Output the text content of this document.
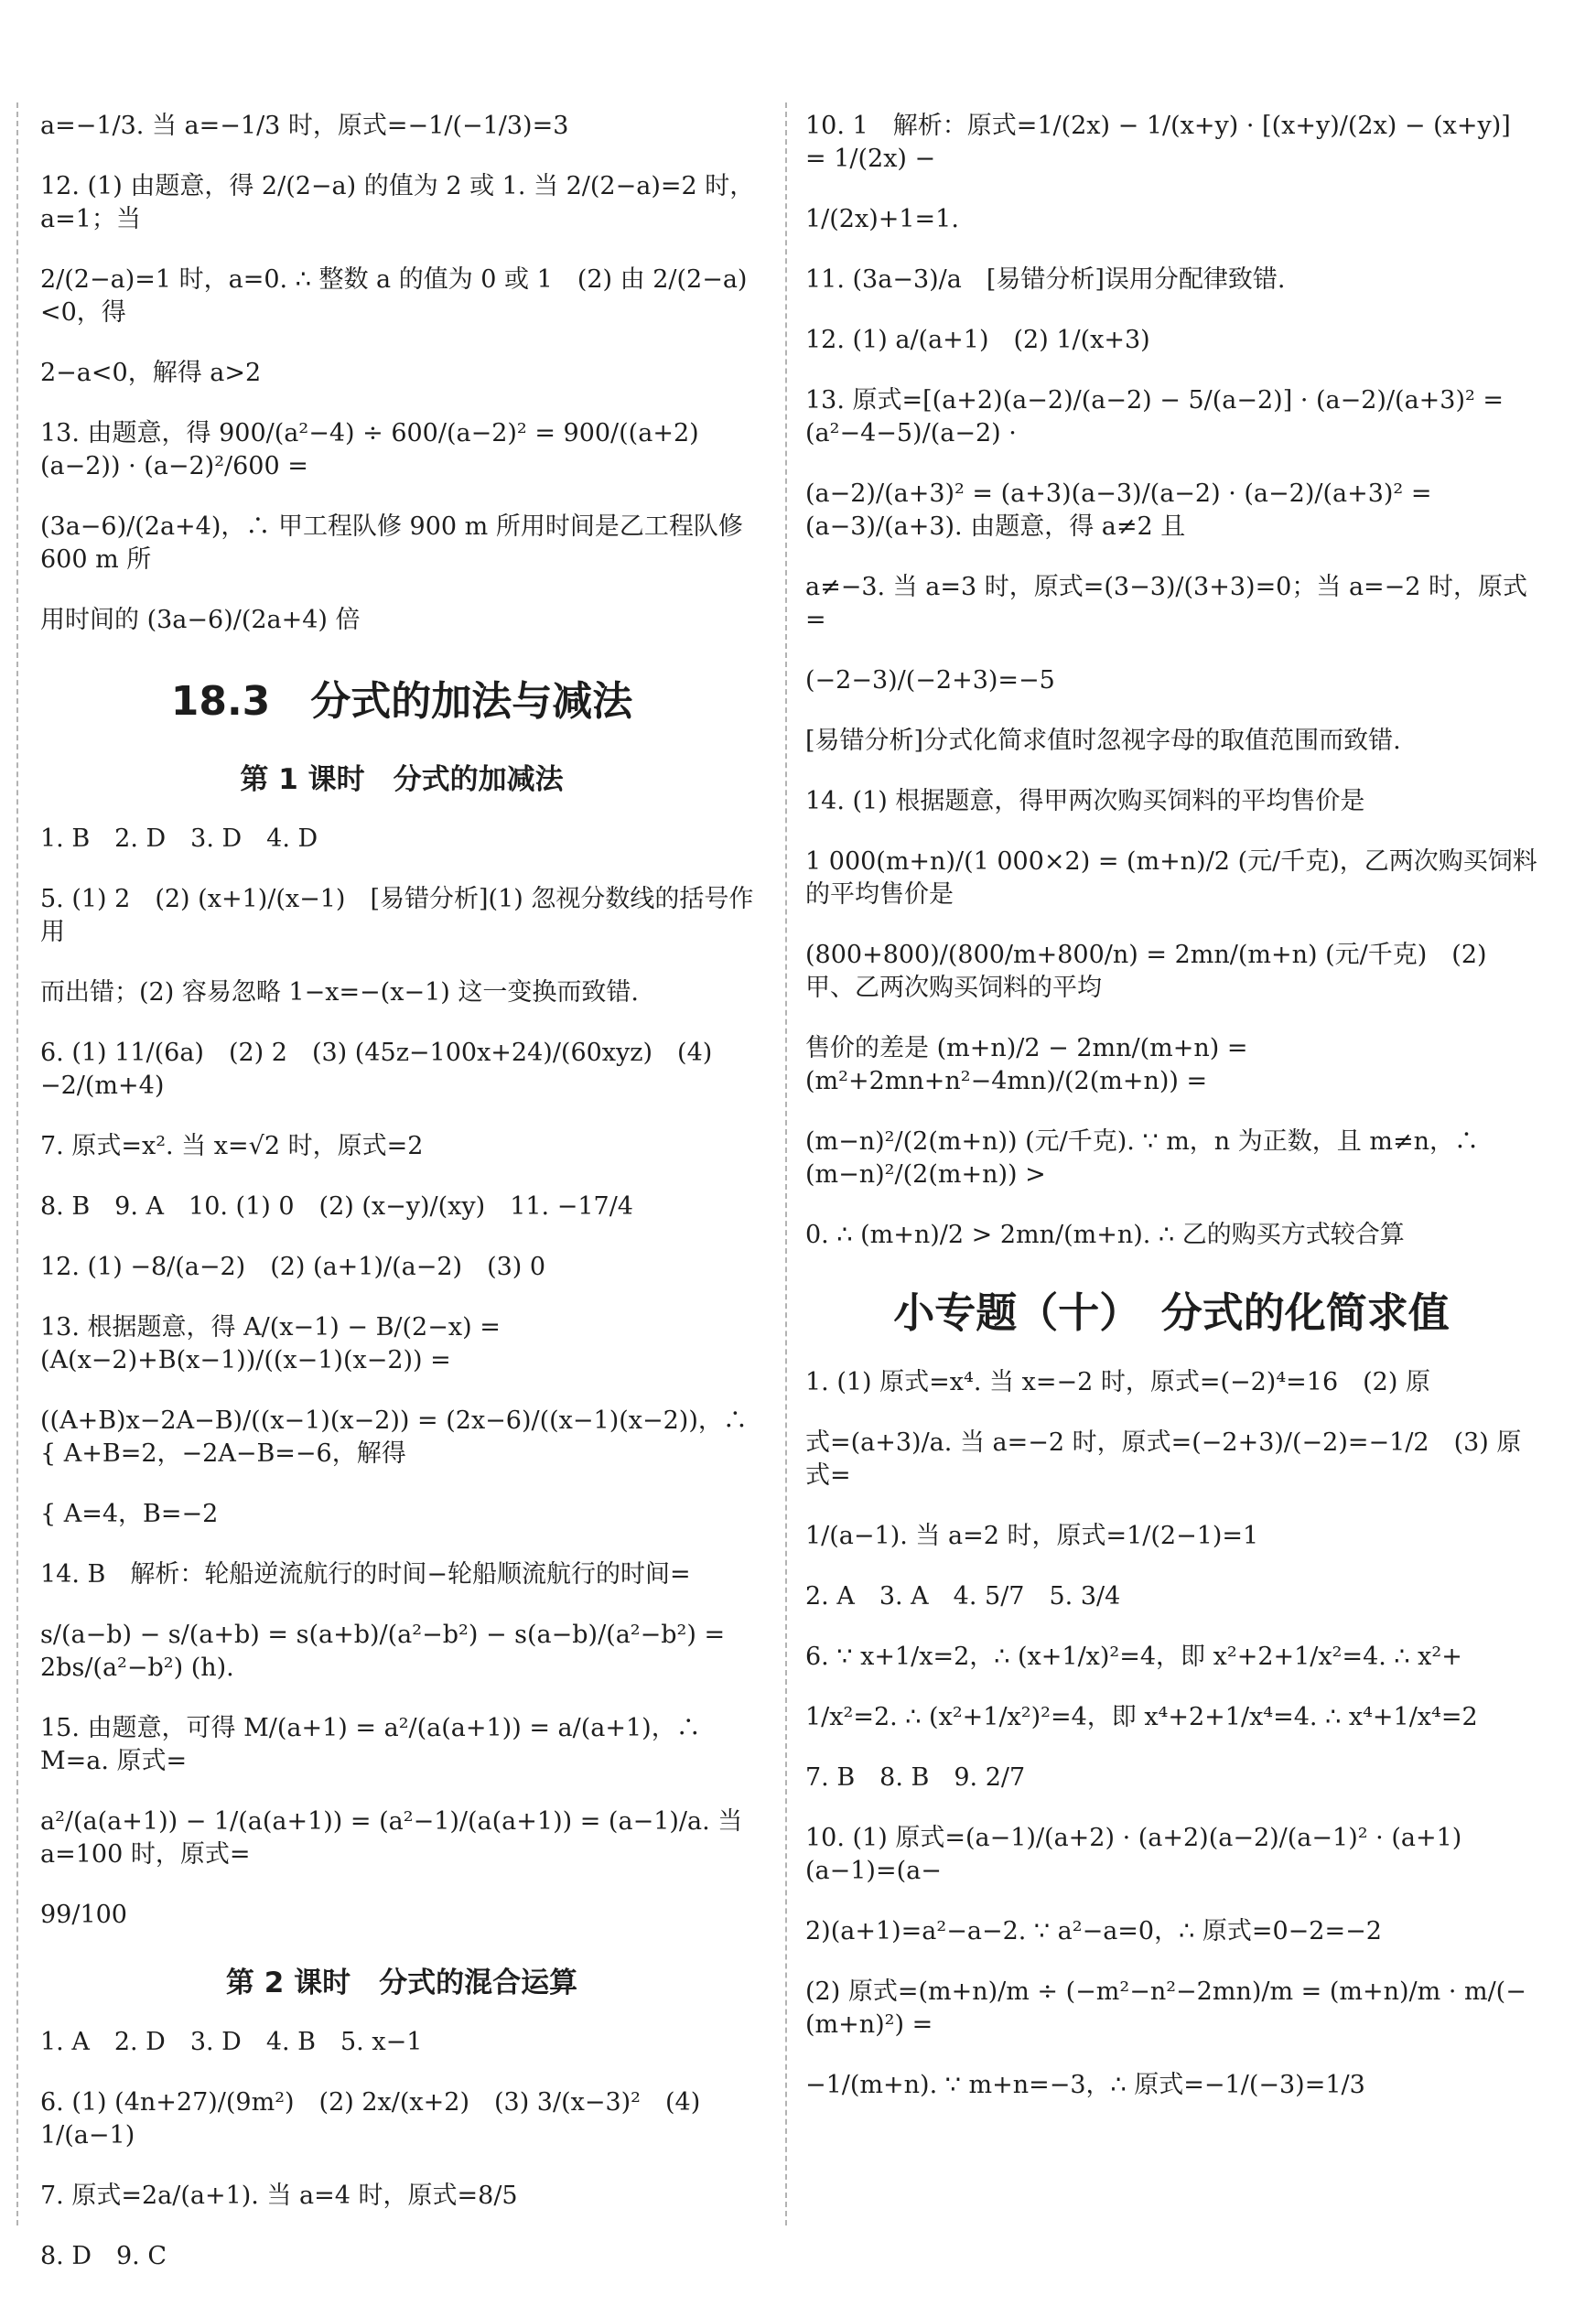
a=−1/3. 当 a=−1/3 时，原式=−1/(−1/3)=3
12. (1) 由题意，得 2/(2−a) 的值为 2 或 1. 当 2/(2−a)=2 时，a=1；当
2/(2−a)=1 时，a=0. ∴ 整数 a 的值为 0 或 1　(2) 由 2/(2−a)<0，得
2−a<0，解得 a>2
13. 由题意，得 900/(a²−4) ÷ 600/(a−2)² = 900/((a+2)(a−2)) · (a−2)²/600 =
(3a−6)/(2a+4)，∴ 甲工程队修 900 m 所用时间是乙工程队修 600 m 所
用时间的 (3a−6)/(2a+4) 倍
18.3　分式的加法与减法
第 1 课时　分式的加减法
1. B　2. D　3. D　4. D
5. (1) 2　(2) (x+1)/(x−1)　[易错分析](1) 忽视分数线的括号作用
而出错；(2) 容易忽略 1−x=−(x−1) 这一变换而致错.
6. (1) 11/(6a)　(2) 2　(3) (45z−100x+24)/(60xyz)　(4) −2/(m+4)
7. 原式=x². 当 x=√2 时，原式=2
8. B　9. A　10. (1) 0　(2) (x−y)/(xy)　11. −17/4
12. (1) −8/(a−2)　(2) (a+1)/(a−2)　(3) 0
13. 根据题意，得 A/(x−1) − B/(2−x) = (A(x−2)+B(x−1))/((x−1)(x−2)) =
((A+B)x−2A−B)/((x−1)(x−2)) = (2x−6)/((x−1)(x−2))，∴ { A+B=2，−2A−B=−6，解得
{ A=4，B=−2
14. B　解析：轮船逆流航行的时间−轮船顺流航行的时间=
s/(a−b) − s/(a+b) = s(a+b)/(a²−b²) − s(a−b)/(a²−b²) = 2bs/(a²−b²) (h).
15. 由题意，可得 M/(a+1) = a²/(a(a+1)) = a/(a+1)，∴ M=a. 原式=
a²/(a(a+1)) − 1/(a(a+1)) = (a²−1)/(a(a+1)) = (a−1)/a. 当 a=100 时，原式=
99/100
第 2 课时　分式的混合运算
1. A　2. D　3. D　4. B　5. x−1
6. (1) (4n+27)/(9m²)　(2) 2x/(x+2)　(3) 3/(x−3)²　(4) 1/(a−1)
7. 原式=2a/(a+1). 当 a=4 时，原式=8/5
8. D　9. C
10. 1　解析：原式=1/(2x) − 1/(x+y) · [(x+y)/(2x) − (x+y)] = 1/(2x) −
1/(2x)+1=1.
11. (3a−3)/a　[易错分析]误用分配律致错.
12. (1) a/(a+1)　(2) 1/(x+3)
13. 原式=[(a+2)(a−2)/(a−2) − 5/(a−2)] · (a−2)/(a+3)² = (a²−4−5)/(a−2) ·
(a−2)/(a+3)² = (a+3)(a−3)/(a−2) · (a−2)/(a+3)² = (a−3)/(a+3). 由题意，得 a≠2 且
a≠−3. 当 a=3 时，原式=(3−3)/(3+3)=0；当 a=−2 时，原式=
(−2−3)/(−2+3)=−5
[易错分析]分式化简求值时忽视字母的取值范围而致错.
14. (1) 根据题意，得甲两次购买饲料的平均售价是
1 000(m+n)/(1 000×2) = (m+n)/2 (元/千克)，乙两次购买饲料的平均售价是
(800+800)/(800/m+800/n) = 2mn/(m+n) (元/千克)　(2) 甲、乙两次购买饲料的平均
售价的差是 (m+n)/2 − 2mn/(m+n) = (m²+2mn+n²−4mn)/(2(m+n)) =
(m−n)²/(2(m+n)) (元/千克). ∵ m，n 为正数，且 m≠n，∴ (m−n)²/(2(m+n)) >
0. ∴ (m+n)/2 > 2mn/(m+n). ∴ 乙的购买方式较合算
小专题（十）　分式的化简求值
1. (1) 原式=x⁴. 当 x=−2 时，原式=(−2)⁴=16　(2) 原
式=(a+3)/a. 当 a=−2 时，原式=(−2+3)/(−2)=−1/2　(3) 原式=
1/(a−1). 当 a=2 时，原式=1/(2−1)=1
2. A　3. A　4. 5/7　5. 3/4
6. ∵ x+1/x=2，∴ (x+1/x)²=4，即 x²+2+1/x²=4. ∴ x²+
1/x²=2. ∴ (x²+1/x²)²=4，即 x⁴+2+1/x⁴=4. ∴ x⁴+1/x⁴=2
7. B　8. B　9. 2/7
10. (1) 原式=(a−1)/(a+2) · (a+2)(a−2)/(a−1)² · (a+1)(a−1)=(a−
2)(a+1)=a²−a−2. ∵ a²−a=0，∴ 原式=0−2=−2
(2) 原式=(m+n)/m ÷ (−m²−n²−2mn)/m = (m+n)/m · m/(−(m+n)²) =
−1/(m+n). ∵ m+n=−3，∴ 原式=−1/(−3)=1/3
